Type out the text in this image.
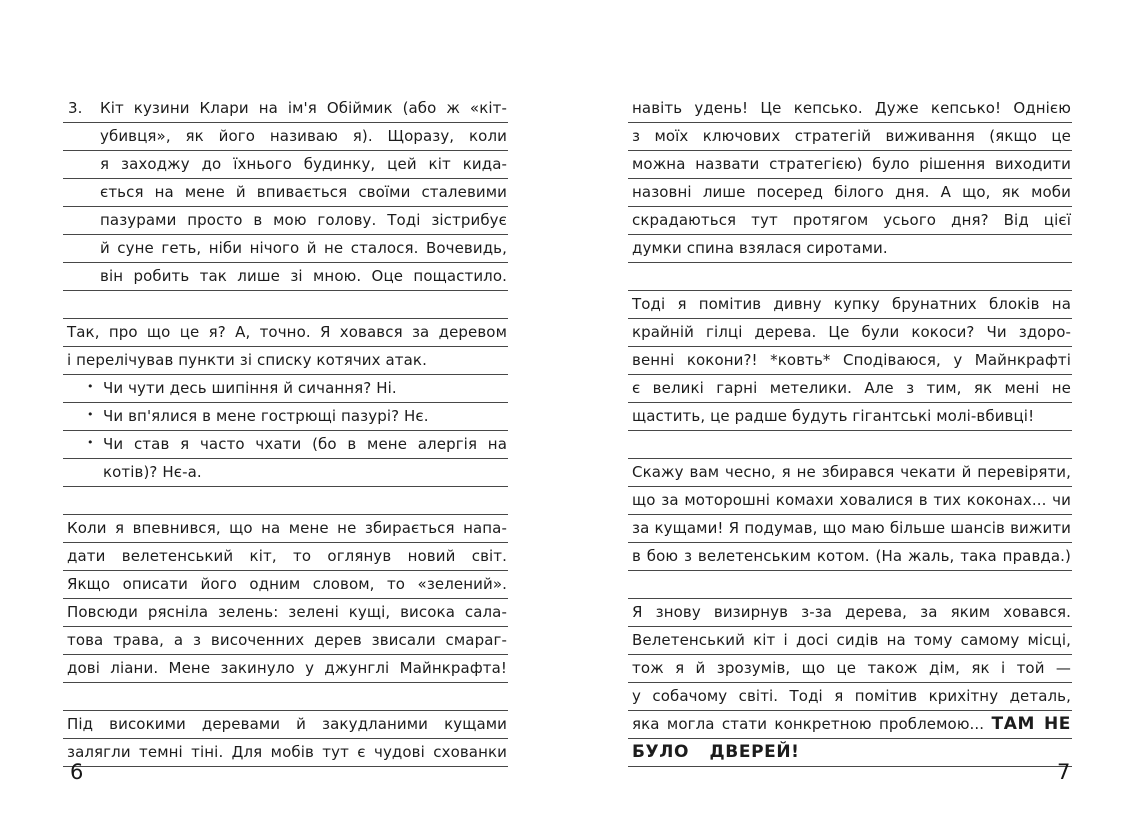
3. Кіт кузини Клари на ім'я Обіймик (або ж «кіт-
убивця», як його називаю я). Щоразу, коли
я заходжу до їхнього будинку, цей кіт кида-
ється на мене й впивається своїми сталевими
пазурами просто в мою голову. Тоді зістрибує
й суне геть, ніби нічого й не сталося. Вочевидь,
він робить так лише зі мною. Оце пощастило.
Так, про що це я? А, точно. Я ховався за деревом
і перелічував пункти зі списку котячих атак.
• Чи чути десь шипіння й сичання? Ні.
• Чи вп'ялися в мене гострющі пазурі? Нє.
• Чи став я часто чхати (бо в мене алергія на
котів)? Нє-а.
Коли я впевнився, що на мене не збирається напа-
дати велетенський кіт, то оглянув новий світ.
Якщо описати його одним словом, то «зелений».
Повсюди рясніла зелень: зелені кущі, висока сала-
това трава, а з височенних дерев звисали смараг-
дові ліани. Мене закинуло у джунглі Майнкрафта!
Під високими деревами й закудланими кущами
залягли темні тіні. Для мобів тут є чудові схованки
навіть удень! Це кепсько. Дуже кепсько! Однією
з моїх ключових стратегій виживання (якщо це
можна назвати стратегією) було рішення виходити
назовні лише посеред білого дня. А що, як моби
скрадаються тут протягом усього дня? Від цієї
думки спина взялася сиротами.
Тоді я помітив дивну купку брунатних блоків на
крайній гілці дерева. Це були кокоси? Чи здоро-
венні кокони?! *ковть* Сподіваюся, у Майнкрафті
є великі гарні метелики. Але з тим, як мені не
щастить, це радше будуть гігантські молі-вбивці!
Скажу вам чесно, я не збирався чекати й перевіряти,
що за моторошні комахи ховалися в тих коконах... чи
за кущами! Я подумав, що маю більше шансів вижити
в бою з велетенським котом. (На жаль, така правда.)
Я знову визирнув з-за дерева, за яким ховався.
Велетенський кіт і досі сидів на тому самому місці,
тож я й зрозумів, що це також дім, як і той —
у собачому світі. Тоді я помітив крихітну деталь,
яка могла стати конкретною проблемою... ТАМ НЕ
БУЛО ДВЕРЕЙ!
6	7
